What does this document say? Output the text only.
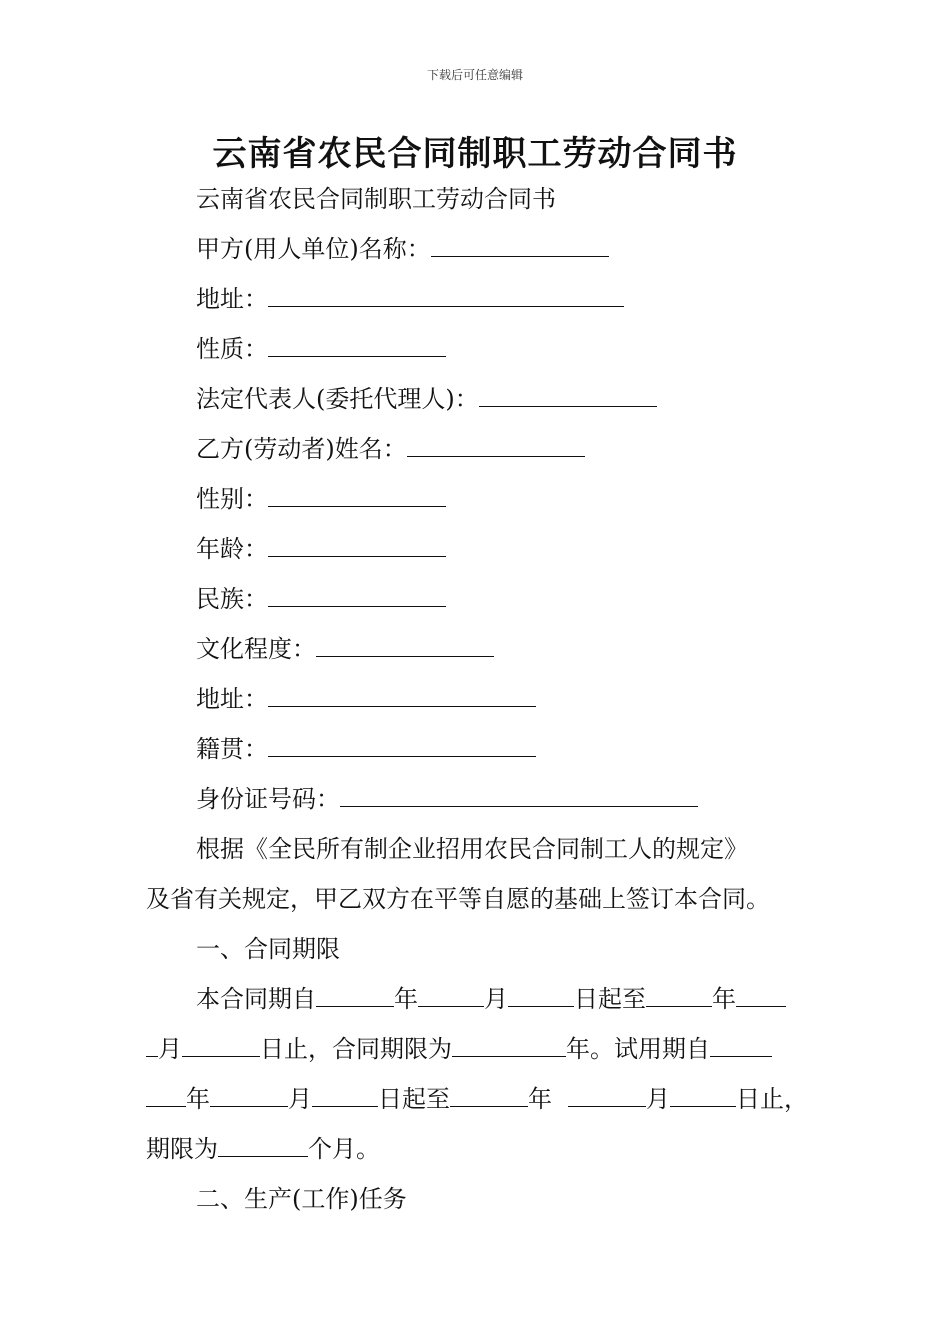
下载后可任意编辑
云南省农民合同制职工劳动合同书
云南省农民合同制职工劳动合同书
甲方(用人单位)名称：
地址：
性质：
法定代表人(委托代理人)：
乙方(劳动者)姓名：
性别：
年龄：
民族：
文化程度：
地址：
籍贯：
身份证号码：
根据《全民所有制企业招用农民合同制工人的规定》
及省有关规定，甲乙双方在平等自愿的基础上签订本合同。
一、合同期限
本合同期自	年	月	日起至	年
月	日止，合同期限为	年。试用期自
年	月	日起至	年	月	日止，
期限为	个月。
二、生产(工作)任务
